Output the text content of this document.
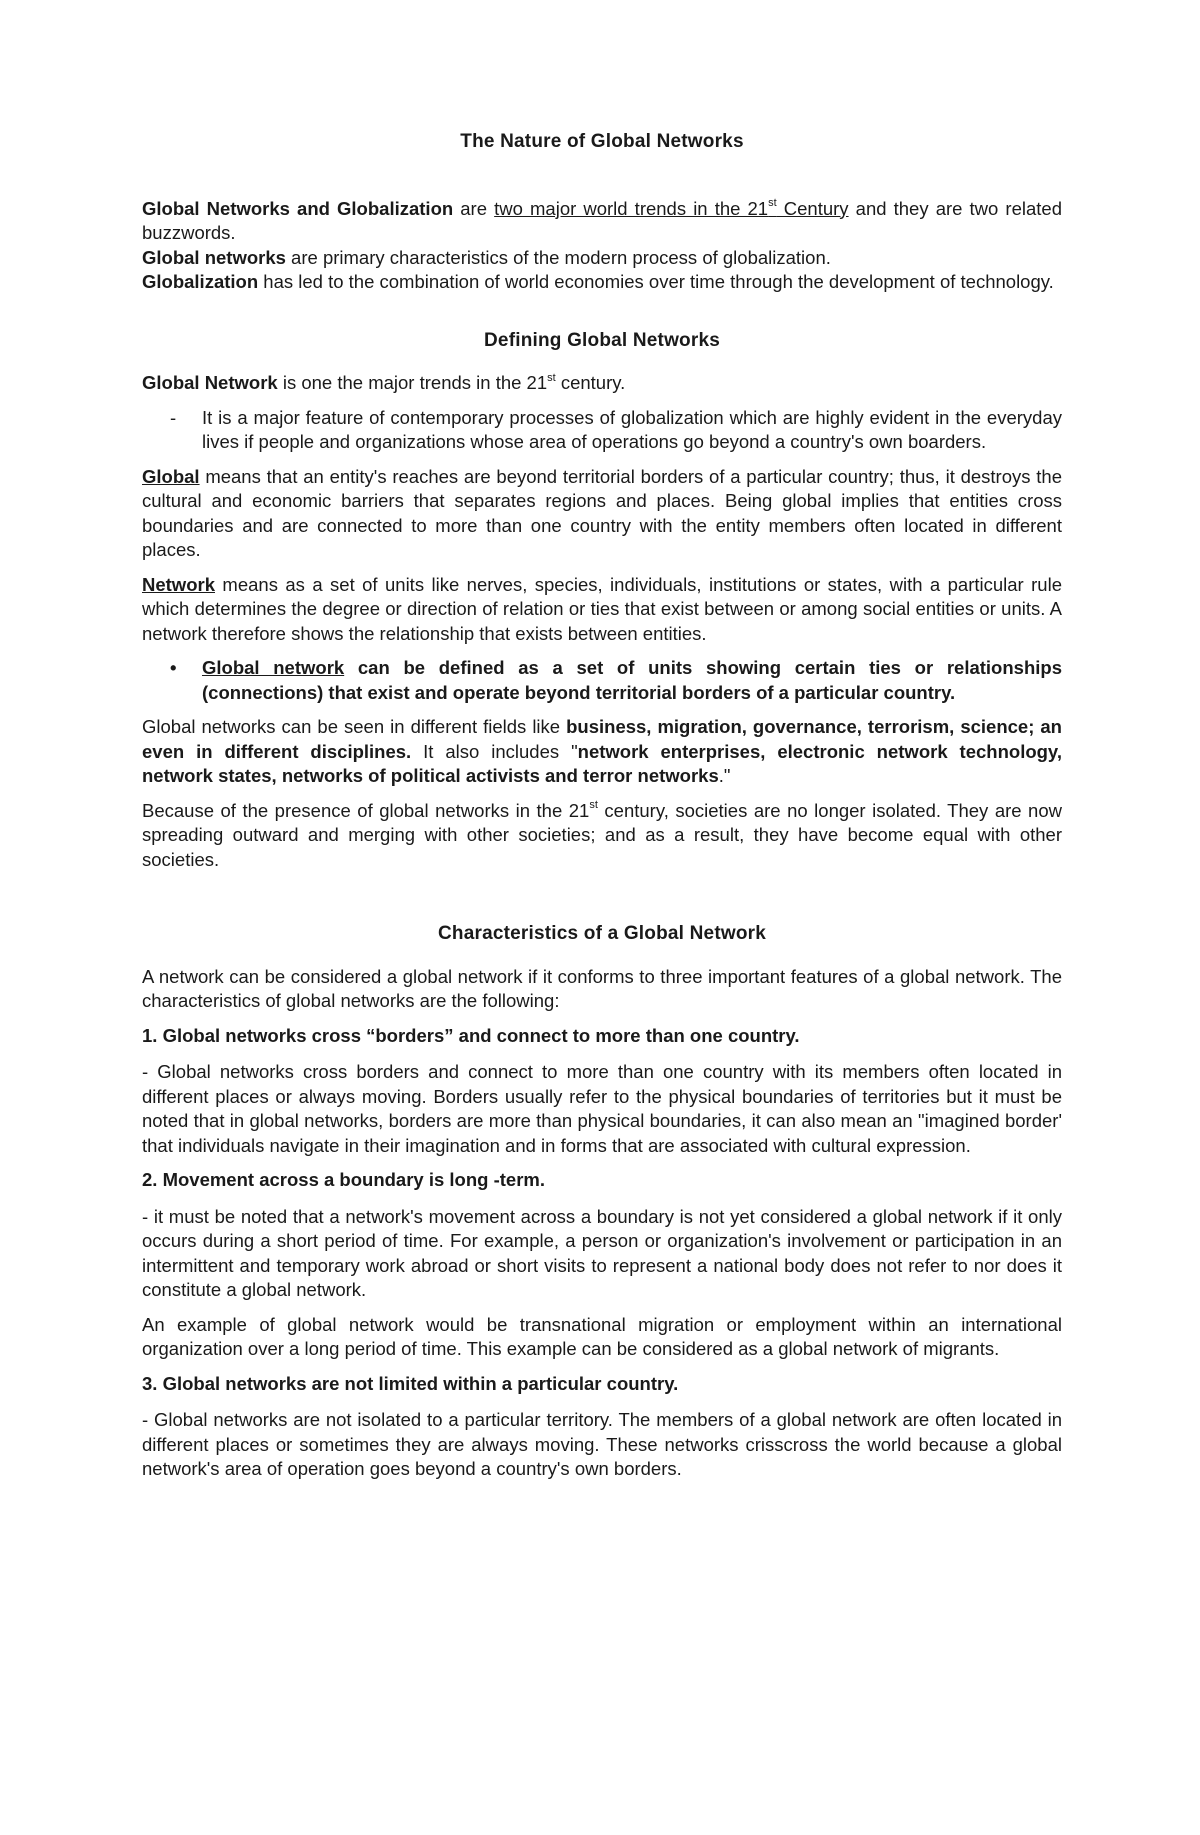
The Nature of Global Networks

Global Networks and Globalization are two major world trends in the 21st Century and they are two related buzzwords.

Global networks are primary characteristics of the modern process of globalization.

Globalization has led to the combination of world economies over time through the development of technology.

Defining Global Networks

Global Network is one the major trends in the 21st century.

-	It is a major feature of contemporary processes of globalization which are highly evident in the everyday lives if people and organizations whose area of operations go beyond a country's own boarders.

Global means that an entity's reaches are beyond territorial borders of a particular country; thus, it destroys the cultural and economic barriers that separates regions and places. Being global implies that entities cross boundaries and are connected to more than one country with the entity members often located in different places.

Network means as a set of units like nerves, species, individuals, institutions or states, with a particular rule which determines the degree or direction of relation or ties that exist between or among social entities or units. A network therefore shows the relationship that exists between entities.

•	Global network can be defined as a set of units showing certain ties or relationships (connections) that exist and operate beyond territorial borders of a particular country.

Global networks can be seen in different fields like business, migration, governance, terrorism, science; an even in different disciplines. It also includes "network enterprises, electronic network technology, network states, networks of political activists and terror networks."

Because of the presence of global networks in the 21st century, societies are no longer isolated. They are now spreading outward and merging with other societies; and as a result, they have become equal with other societies.

Characteristics of a Global Network

A network can be considered a global network if it conforms to three important features of a global network. The characteristics of global networks are the following:

1. Global networks cross “borders” and connect to more than one country.

- Global networks cross borders and connect to more than one country with its members often located in different places or always moving. Borders usually refer to the physical boundaries of territories but it must be noted that in global networks, borders are more than physical boundaries, it can also mean an "imagined border' that individuals navigate in their imagination and in forms that are associated with cultural expression.

2. Movement across a boundary is long -term.

- it must be noted that a network's movement across a boundary is not yet considered a global network if it only occurs during a short period of time. For example, a person or organization's involvement or participation in an intermittent and temporary work abroad or short visits to represent a national body does not refer to nor does it constitute a global network.

An example of global network would be transnational migration or employment within an international organization over a long period of time. This example can be considered as a global network of migrants.

3. Global networks are not limited within a particular country.

- Global networks are not isolated to a particular territory. The members of a global network are often located in different places or sometimes they are always moving. These networks crisscross the world because a global network's area of operation goes beyond a country's own borders.
